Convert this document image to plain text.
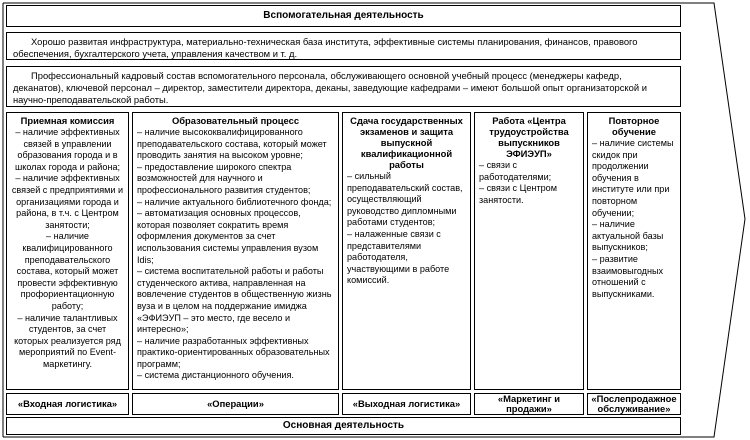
Вспомогательная деятельность
Хорошо развитая инфраструктура, материально-техническая база института, эффективные системы планирования, финансов, правового обеспечения, бухгалтерского учета, управления качеством и т. д.
Профессиональный кадровый состав вспомогательного персонала, обслуживающего основной учебный процесс (менеджеры кафедр, деканатов), ключевой персонал – директор, заместители директора, деканы, заведующие кафедрами – имеют большой опыт организаторской и научно-преподавательской работы.
Приемная комиссия
– наличие эффективных связей в управлении образования города и в школах города и района;
– наличие эффективных связей с предприятиями и организациями города и района, в т.ч. с Центром занятости;
– наличие квалифицированного преподавательского состава, который может провести эффективную профориентационную работу;
– наличие талантливых студентов, за счет которых реализуется ряд мероприятий по Event-маркетингу.
Образовательный процесс
– наличие высококвалифицированного преподавательского состава, который может проводить занятия на высоком уровне;
– предоставление широкого спектра возможностей для научного и профессионального развития студентов;
– наличие актуального библиотечного фонда;
– автоматизация основных процессов, которая позволяет сократить время оформления документов за счет использования системы управления вузом Idis;
– система воспитательной работы и работы студенческого актива, направленная на вовлечение студентов в общественную жизнь вуза и в целом на поддержание имиджа «ЭФИЭУП – это место, где весело и интересно»;
– наличие разработанных эффективных практико-ориентированных образовательных программ;
– система дистанционного обучения.
Сдача государственных экзаменов и защита выпускной квалификационной работы
– сильный преподавательский состав, осуществляющий руководство дипломными работами студентов;
– налаженные связи с представителями работодателя, участвующими в работе комиссий.
Работа «Центра трудоустройства выпускников ЭФИЭУП»
– связи с работодателями;
– связи с Центром занятости.
Повторное обучение
– наличие системы скидок при продолжении обучения в институте или при повторном обучении;
– наличие актуальной базы выпускников;
– развитие взаимовыгодных отношений с выпускниками.
«Входная логистика»	«Операции»	«Выходная логистика»	«Маркетинг и продажи»
«Послепродажное обслуживание»
Основная деятельность
